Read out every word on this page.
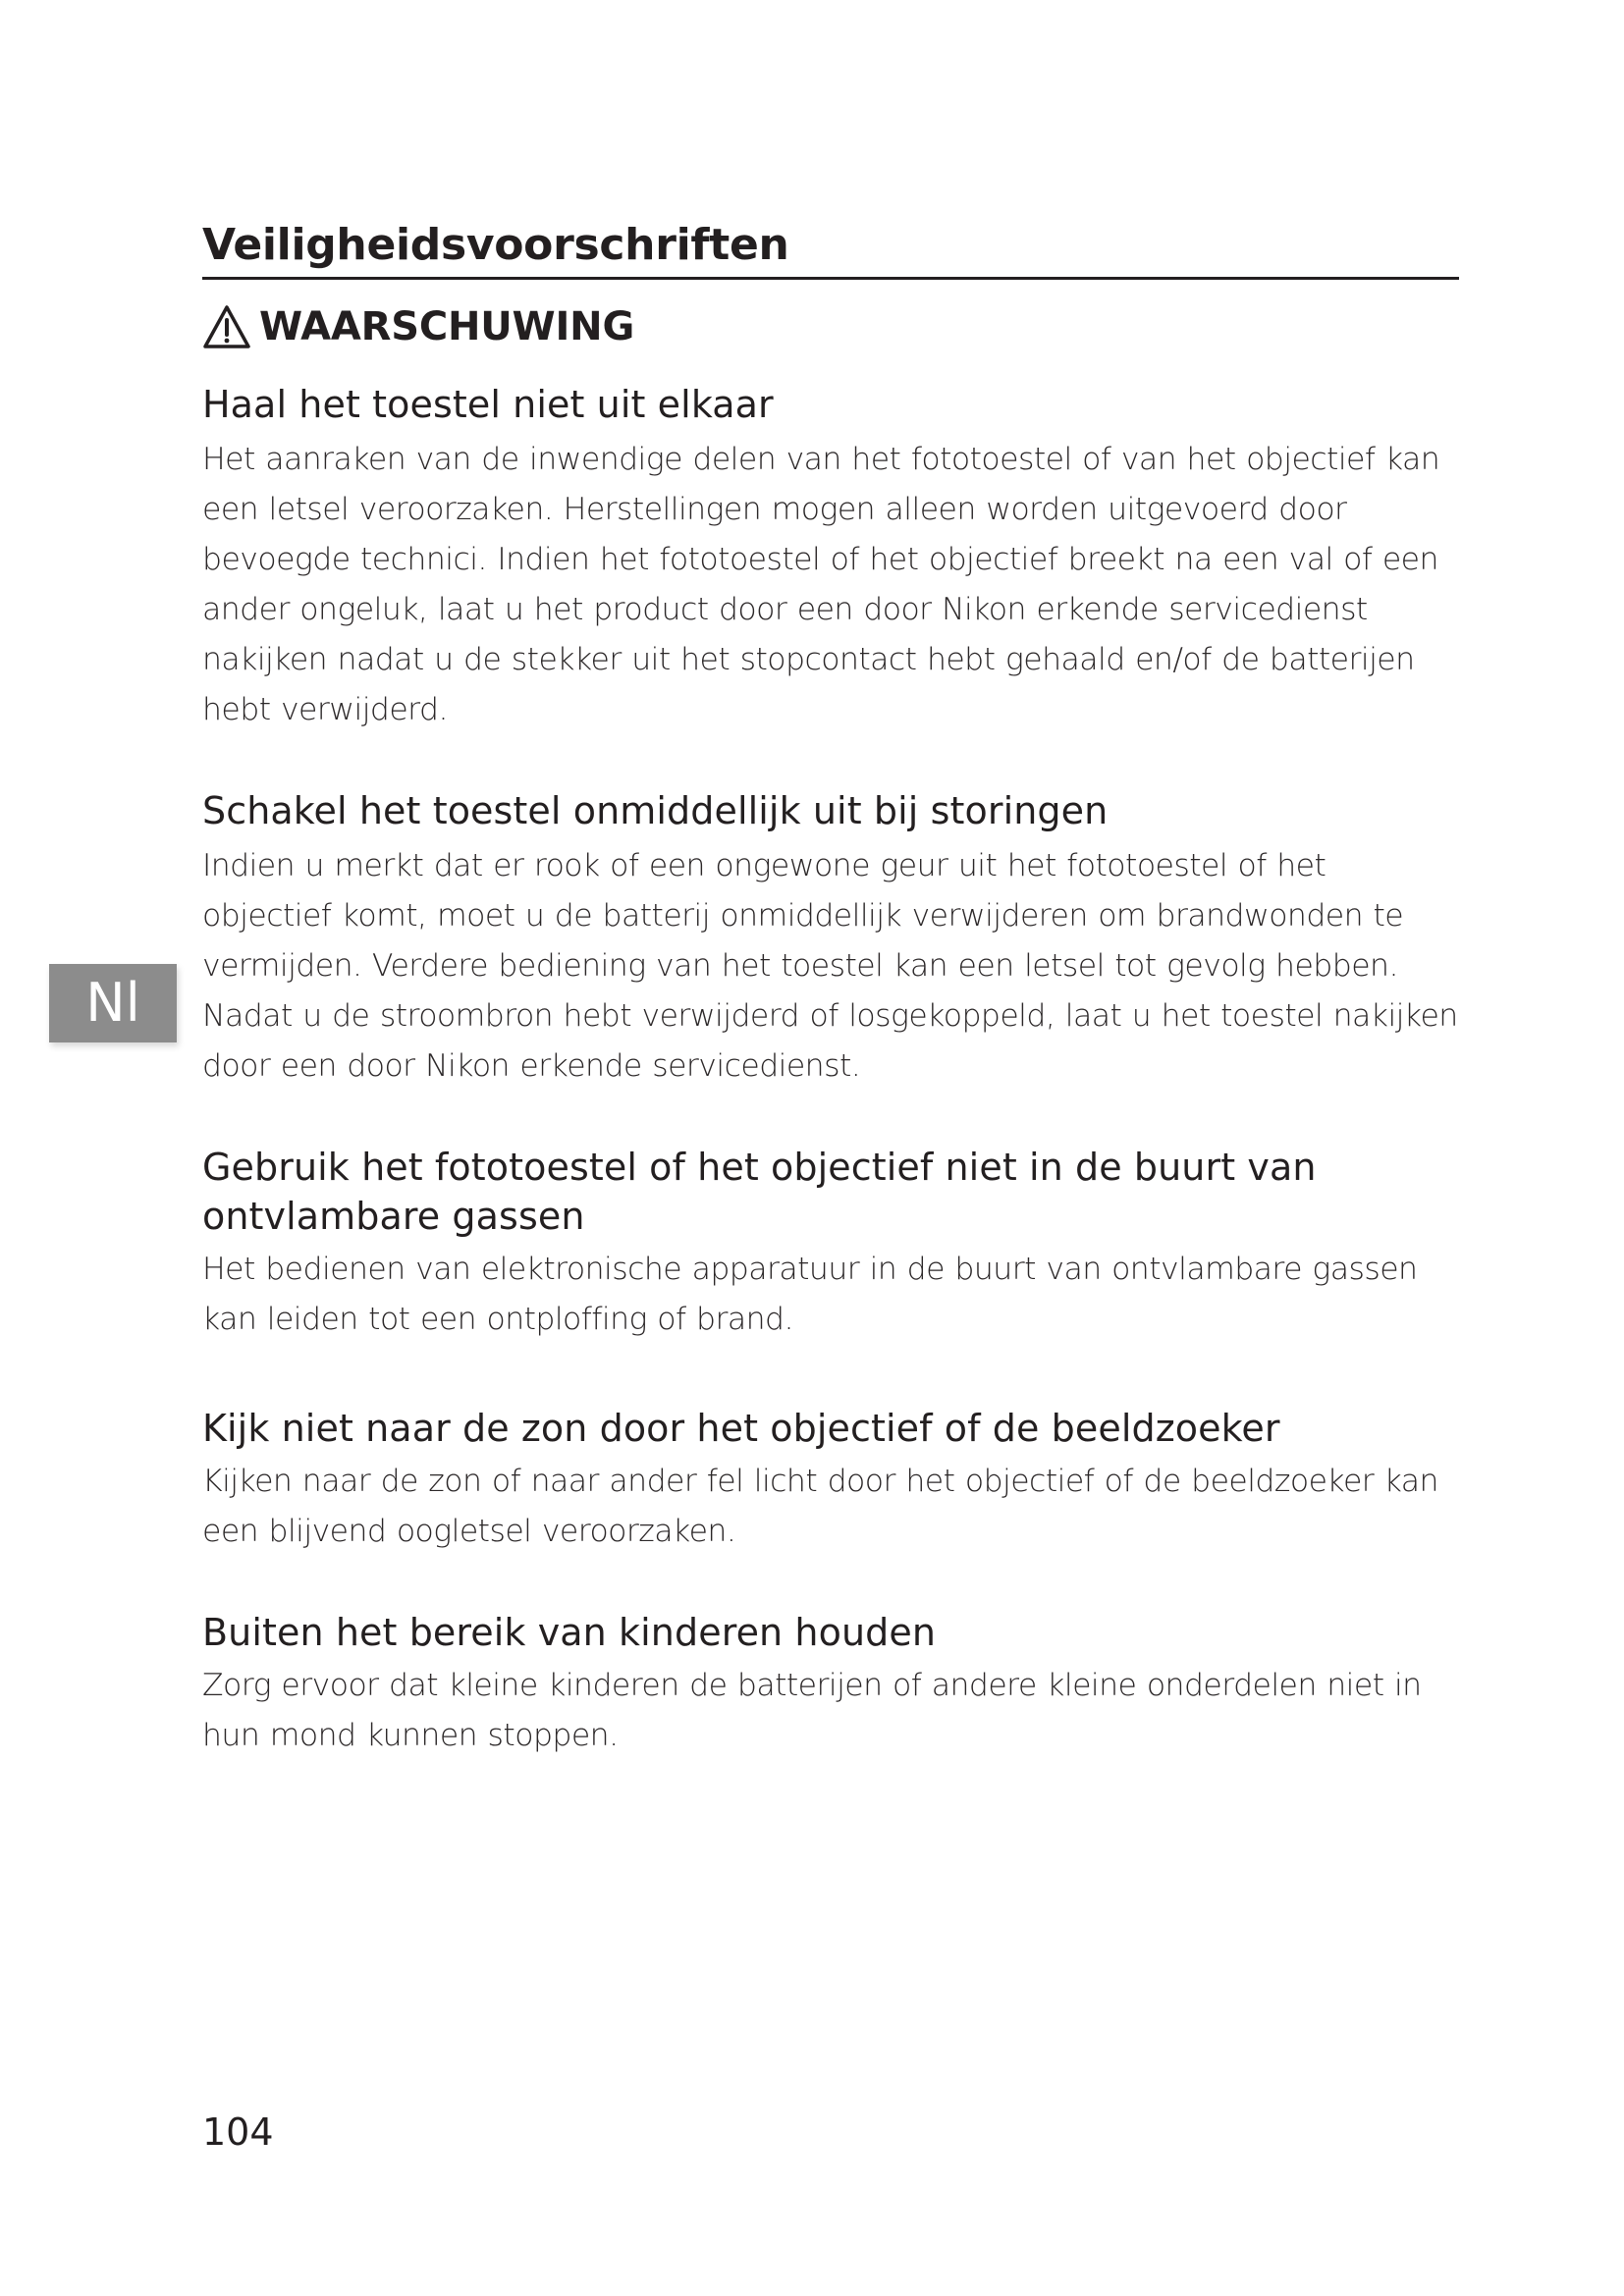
Veiligheidsvoorschriften
WAARSCHUWING
Haal het toestel niet uit elkaar

Het aanraken van de inwendige delen van het fototoestel of van het objectief kan een letsel veroorzaken. Herstellingen mogen alleen worden uitgevoerd door bevoegde technici. Indien het fototoestel of het objectief breekt na een val of een ander ongeluk, laat u het product door een door Nikon erkende servicedienst nakijken nadat u de stekker uit het stopcontact hebt gehaald en/of de batterijen hebt verwijderd.

Schakel het toestel onmiddellijk uit bij storingen

Indien u merkt dat er rook of een ongewone geur uit het fototoestel of het objectief komt, moet u de batterij onmiddellijk verwijderen om brandwonden te vermijden. Verdere bediening van het toestel kan een letsel tot gevolg hebben. Nadat u de stroombron hebt verwijderd of losgekoppeld, laat u het toestel nakijken door een door Nikon erkende servicedienst.

Gebruik het fototoestel of het objectief niet in de buurt van ontvlambare gassen

Het bedienen van elektronische apparatuur in de buurt van ontvlambare gassen kan leiden tot een ontploffing of brand.

Kijk niet naar de zon door het objectief of de beeldzoeker

Kijken naar de zon of naar ander fel licht door het objectief of de beeldzoeker kan een blijvend oogletsel veroorzaken.

Buiten het bereik van kinderen houden

Zorg ervoor dat kleine kinderen de batterijen of andere kleine onderdelen niet in hun mond kunnen stoppen.

Nl
104
